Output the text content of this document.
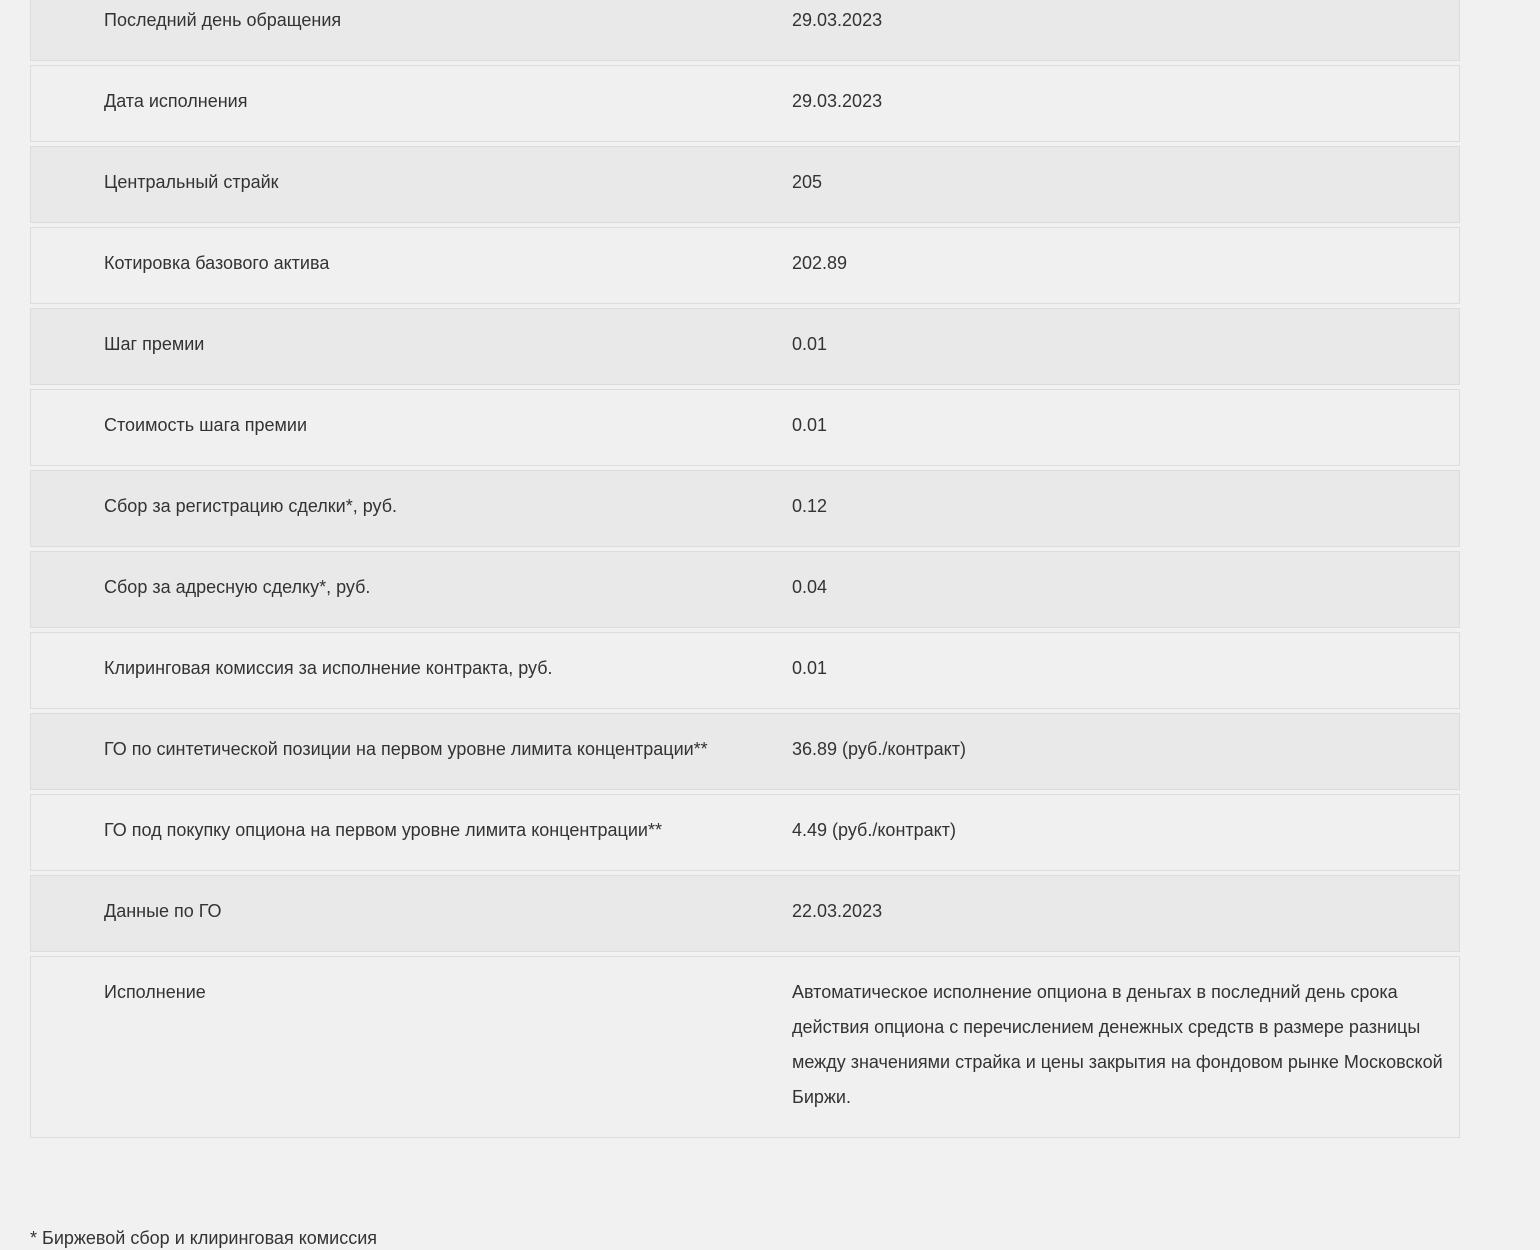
Последний день обращения	29.03.2023
Дата исполнения	29.03.2023
Центральный страйк	205
Котировка базового актива	202.89
Шаг премии	0.01
Стоимость шага премии	0.01
Сбор за регистрацию сделки*, руб.	0.12
Сбор за адресную сделку*, руб.	0.04
Клиринговая комиссия за исполнение контракта, руб.	0.01
ГО по синтетической позиции на первом уровне лимита концентрации**	36.89 (руб./контракт)
ГО под покупку опциона на первом уровне лимита концентрации**	4.49 (руб./контракт)
Данные по ГО	22.03.2023
Исполнение	Автоматическое исполнение опциона в деньгах в последний день срока действия опциона с перечислением денежных средств в размере разницы между значениями страйка и цены закрытия на фондовом рынке Московской Биржи.
* Биржевой сбор и клиринговая комиссия
